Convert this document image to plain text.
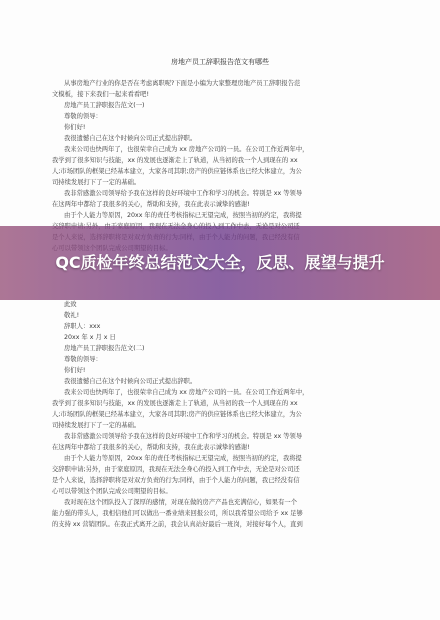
房地产员工辞职报告范文有哪些
从事房地产行业的你是否在考虑离职呢?下面是小编为大家整理房地产员工辞职报告范
文模板，接下来我们一起来看看吧!
房地产员工辞职报告范文(一)
尊敬的领导：
你们好!
我很遗憾自己在这个时候向公司正式提出辞职。
我来公司也快两年了，也很荣幸自己成为 xx 房地产公司的一员。在公司工作近两年中，
我学到了很多知识与技能，xx 的发展也逐渐走上了轨道，从当初的我一个人到现在的 xx
人;市场团队的框架已经基本建立，大家各司其职;房产的供应链体系也已经大体建立，为公
司持续发展打下了一定的基础。
我非常感激公司领导给予我在这样的良好环境中工作和学习的机会。特别是 xx 等领导
在这两年中都给了我很多的关心，帮助和支持，我在此表示诚挚的感谢!
由于个人能力等原因，20xx 年的责任考核指标已无望完成，按照当初的约定，我将提
此致
敬礼!
辞职人：xxx
20xx 年 x 月 x 日
房地产员工辞职报告范文(二)
尊敬的领导：
你们好!
我很遗憾自己在这个时候向公司正式提出辞职。
我来公司也快两年了，也很荣幸自己成为 xx 房地产公司的一员。在公司工作近两年中，
我学到了很多知识与技能，xx 的发展也逐渐走上了轨道，从当初的我一个人到现在的 xx
人;市场团队的框架已经基本建立，大家各司其职;房产的供应链体系也已经大体建立，为公
司持续发展打下了一定的基础。
我非常感激公司领导给予我在这样的良好环境中工作和学习的机会。特别是 xx 等领导
在这两年中都给了我很多的关心，帮助和支持，我在此表示诚挚的感谢!
由于个人能力等原因，20xx 年的责任考核指标已无望完成，按照当初的约定，我将提
交辞职申请;另外，由于家庭原因，我现在无法全身心的投入到工作中去，无论是对公司还
是个人来说，选择辞职将是对双方负责的行为;同样，由于个人能力的问题，我已经没有信
心可以带领这个团队完成公司期望的目标。
我对现在这个团队投入了深厚的感情，对现在做的房产产品也充满信心，如果有一个
能力强的带头人，我相信他们可以做出一番业绩来回报公司，所以我希望公司给予 xx 足够
的支持 xx 营销团队。在我正式离开之前，我会认真站好最后一班岗，对接好每个人，直到
QC质检年终总结范文大全，反思、展望与提升
